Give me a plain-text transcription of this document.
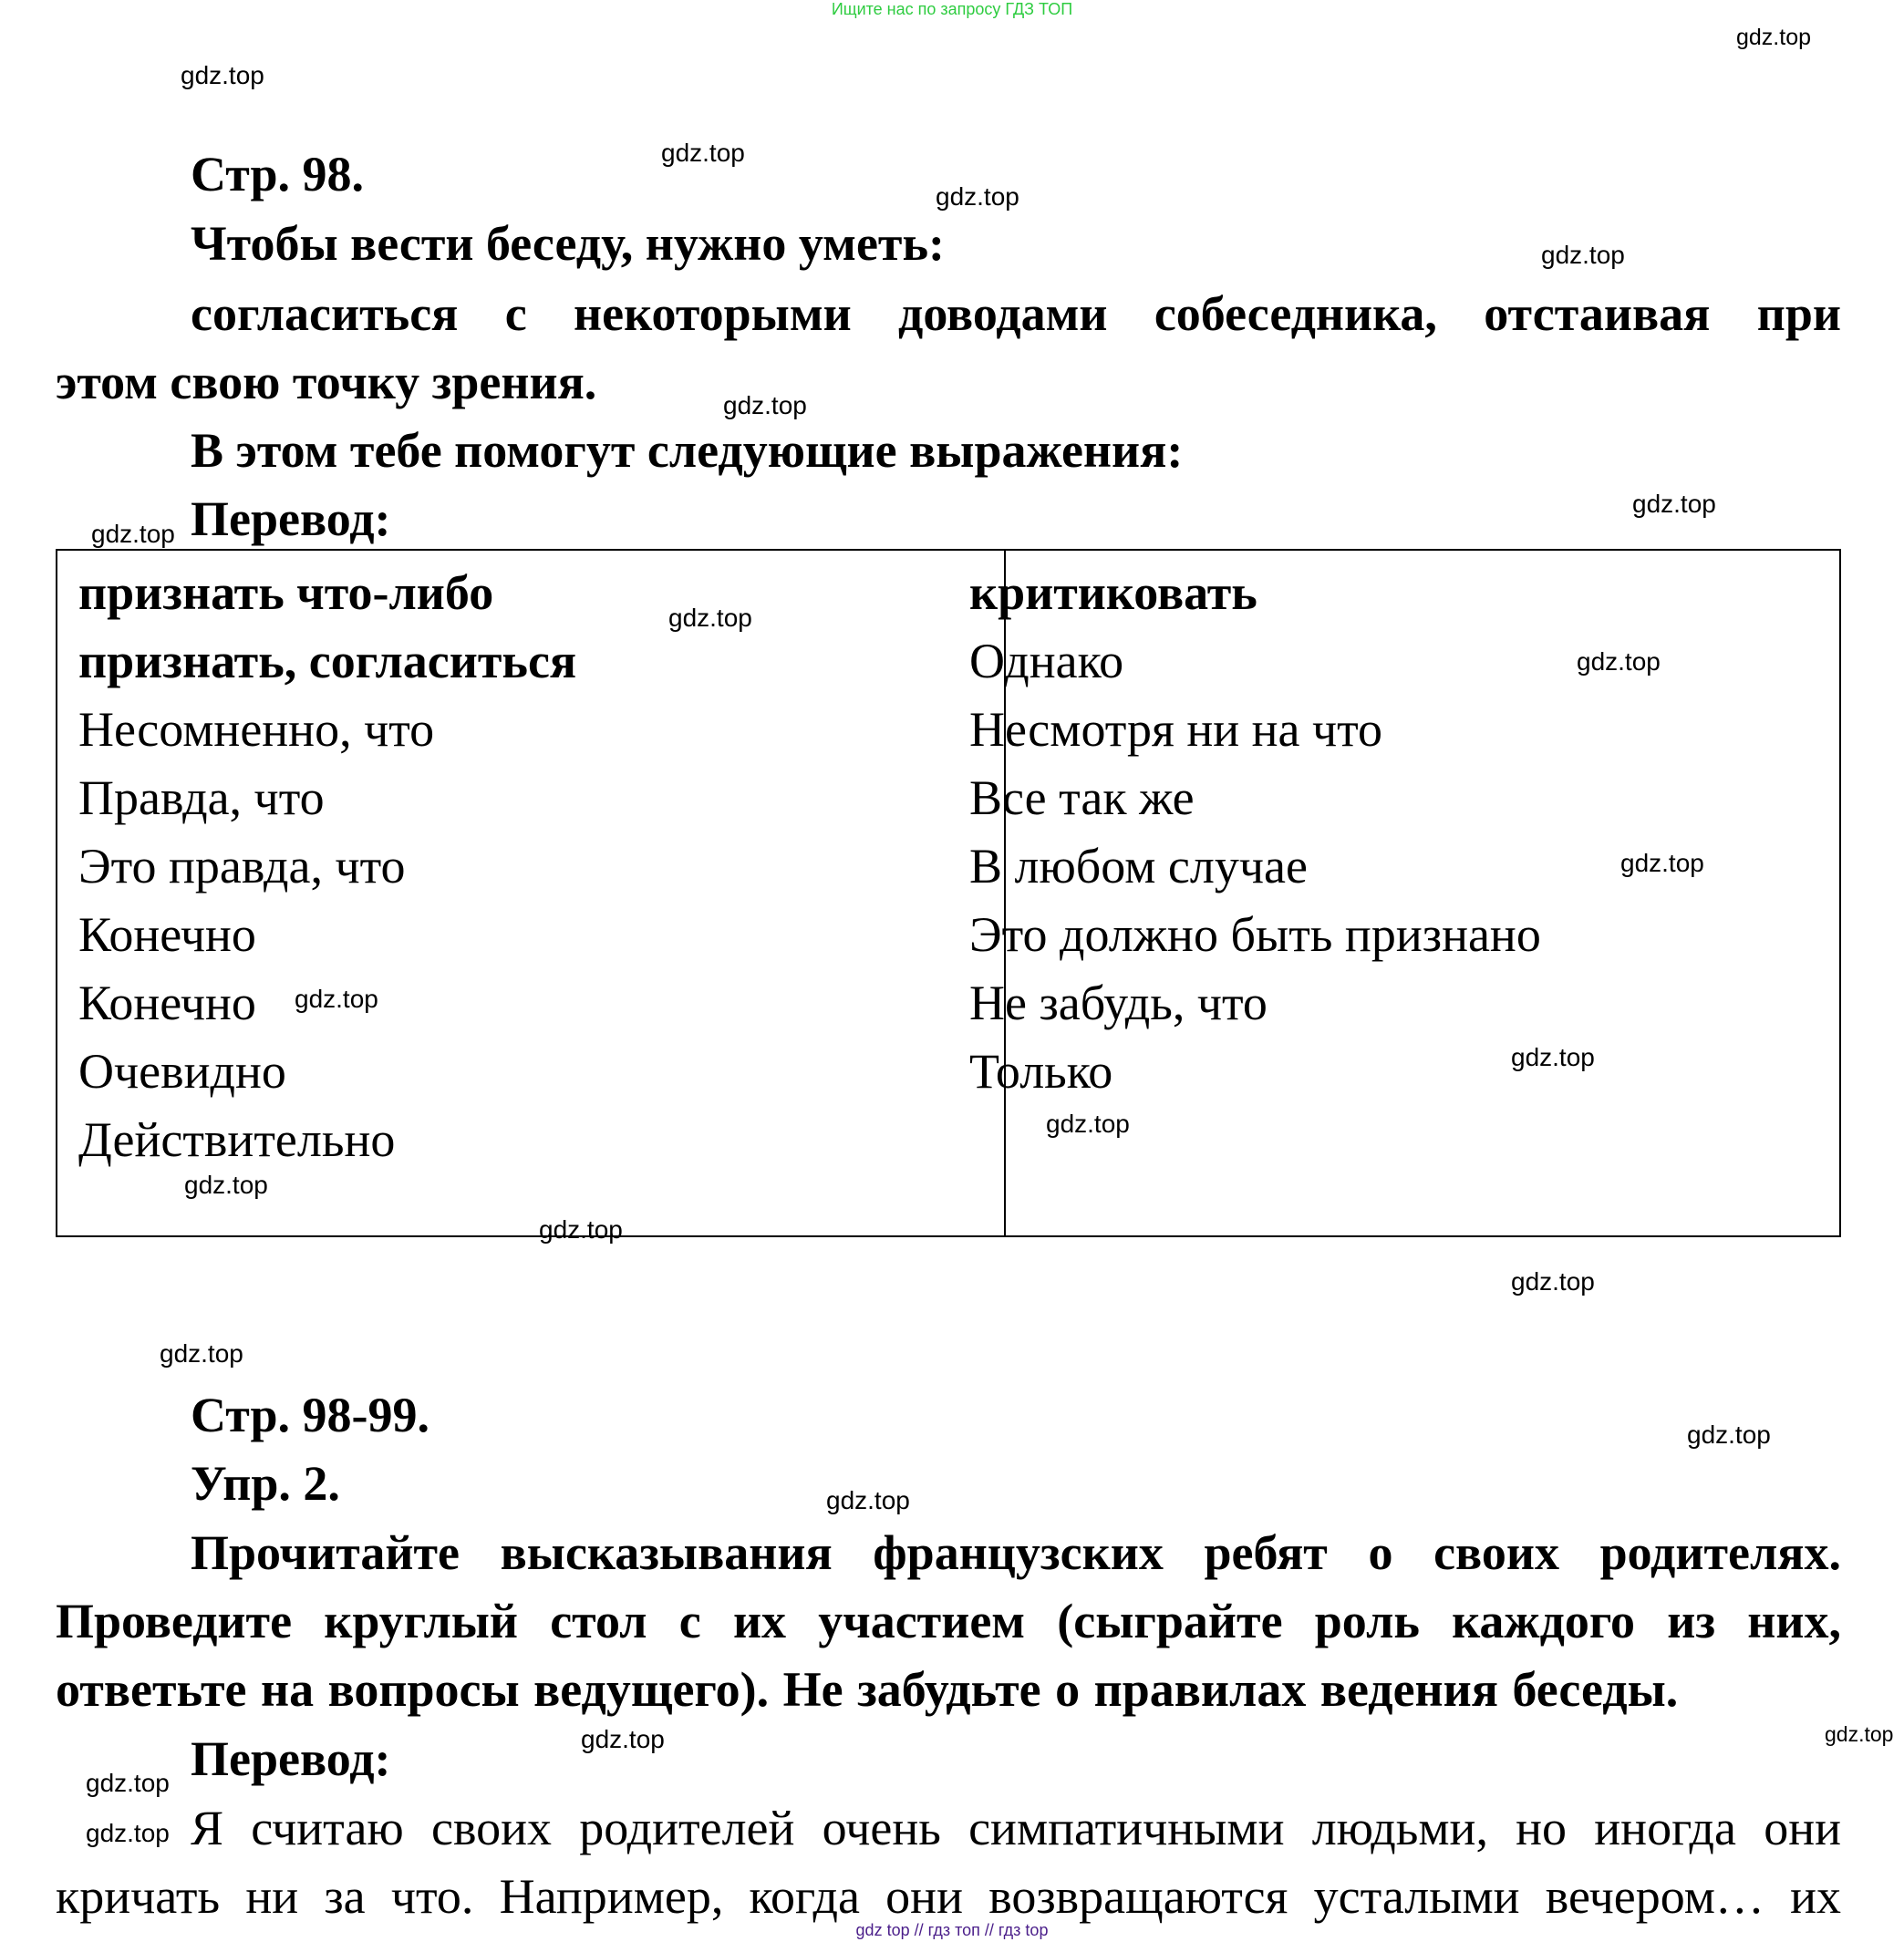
Ищите нас по запросу ГДЗ ТОП
Стр. 98.
Чтобы вести беседу, нужно уметь:
согласиться с некоторыми доводами собеседника, отстаивая при
этом свою точку зрения.
В этом тебе помогут следующие выражения:
Перевод:
признать что-либо
признать, согласиться
Несомненно, что
Правда, что
Это правда, что
Конечно
Конечно
Очевидно
Действительно
критиковать
Однако
Несмотря ни на что
Все так же
В любом случае
Это должно быть признано
Не забудь, что
Только
Стр. 98-99.
Упр. 2.
Прочитайте высказывания французских ребят о своих родителях.
Проведите круглый стол с их участием (сыграйте роль каждого из них,
ответьте на вопросы ведущего). Не забудьте о правилах ведения беседы.
Перевод:
Я считаю своих родителей очень симпатичными людьми, но иногда они
кричать ни за что. Например, когда они возвращаются усталыми вечером… их
gdz.top
gdz.top
gdz.top
gdz.top
gdz.top
gdz.top
gdz.top
gdz.top
gdz.top
gdz.top
gdz.top
gdz.top
gdz.top
gdz.top
gdz.top
gdz.top
gdz.top
gdz.top
gdz.top
gdz.top
gdz.top
gdz.top
gdz.top
gdz.top
gdz top // гдз топ // гдз top
